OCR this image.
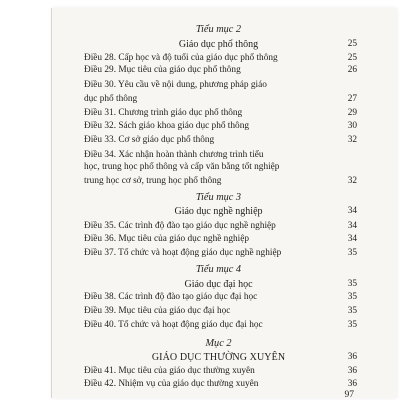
Tiểu mục 2
Giáo dục phổ thông	25
Điều 28. Cấp học và độ tuổi của giáo dục phổ thông	25
Điều 29. Mục tiêu của giáo dục phổ thông	26
Điều 30. Yêu cầu về nội dung, phương pháp giáo
dục phổ thông	27
Điều 31. Chương trình giáo dục phổ thông	29
Điều 32. Sách giáo khoa giáo dục phổ thông	30
Điều 33. Cơ sở giáo dục phổ thông	32
Điều 34. Xác nhận hoàn thành chương trình tiểu
học, trung học phổ thông và cấp văn bằng tốt nghiệp
trung học cơ sở, trung học phổ thông	32
Tiểu mục 3
Giáo dục nghề nghiệp	34
Điều 35. Các trình độ đào tạo giáo dục nghề nghiệp	34
Điều 36. Mục tiêu của giáo dục nghề nghiệp	34
Điều 37. Tổ chức và hoạt động giáo dục nghề nghiệp	35
Tiểu mục 4
Giáo dục đại học	35
Điều 38. Các trình độ đào tạo giáo dục đại học	35
Điều 39. Mục tiêu của giáo dục đại học	35
Điều 40. Tổ chức và hoạt động giáo dục đại học	35
Mục 2
GIÁO DỤC THƯỜNG XUYÊN	36
Điều 41. Mục tiêu của giáo dục thường xuyên	36
Điều 42. Nhiệm vụ của giáo dục thường xuyên	36
97
